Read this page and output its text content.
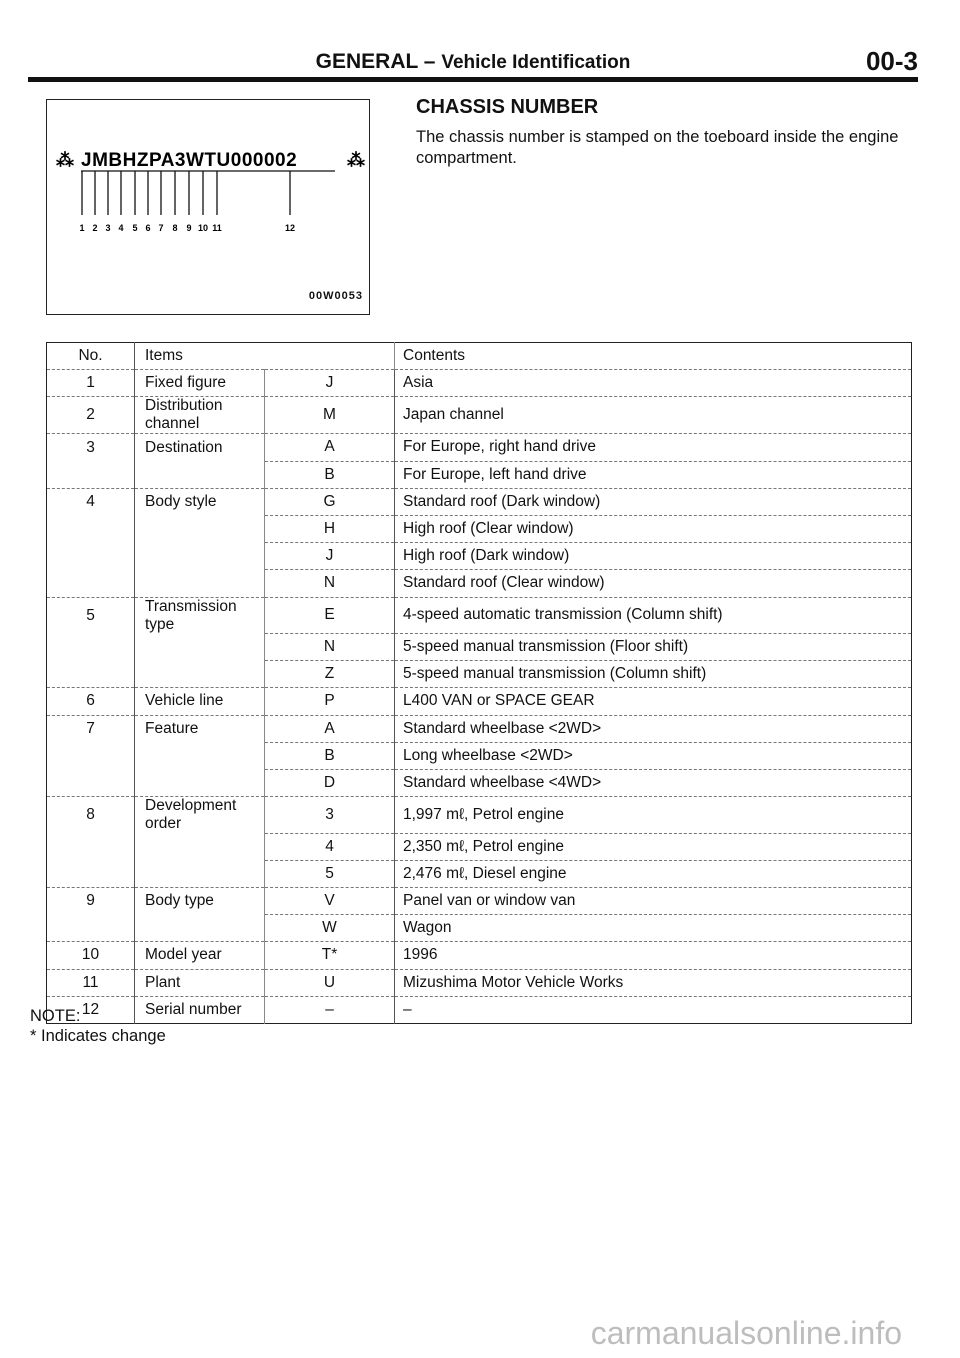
GENERAL – Vehicle Identification	00-3
⁂	⁂
JMBHZPA3WTU000002
1 2 3 4 5 6 7 8 9 10 11	12
00W0053
CHASSIS NUMBER
The chassis number is stamped on the toeboard inside the engine compartment.
No.	Items		Contents
1	Fixed figure	J	Asia
2	Distribution channel	M	Japan channel
3	Destination	A	For Europe, right hand drive
		B	For Europe, left hand drive
4	Body style	G	Standard roof (Dark window)
		H	High roof (Clear window)
		J	High roof (Dark window)
		N	Standard roof (Clear window)
5	Transmission type	E	4-speed automatic transmission (Column shift)
		N	5-speed manual transmission (Floor shift)
		Z	5-speed manual transmission (Column shift)
6	Vehicle line	P	L400 VAN or SPACE GEAR
7	Feature	A	Standard wheelbase <2WD>
		B	Long wheelbase <2WD>
		D	Standard wheelbase <4WD>
8	Development order	3	1,997 mℓ, Petrol engine
		4	2,350 mℓ, Petrol engine
		5	2,476 mℓ, Diesel engine
9	Body type	V	Panel van or window van
		W	Wagon
10	Model year	T*	1996
11	Plant	U	Mizushima Motor Vehicle Works
12	Serial number	–	–
NOTE:
* Indicates change
carmanualsonline.info
